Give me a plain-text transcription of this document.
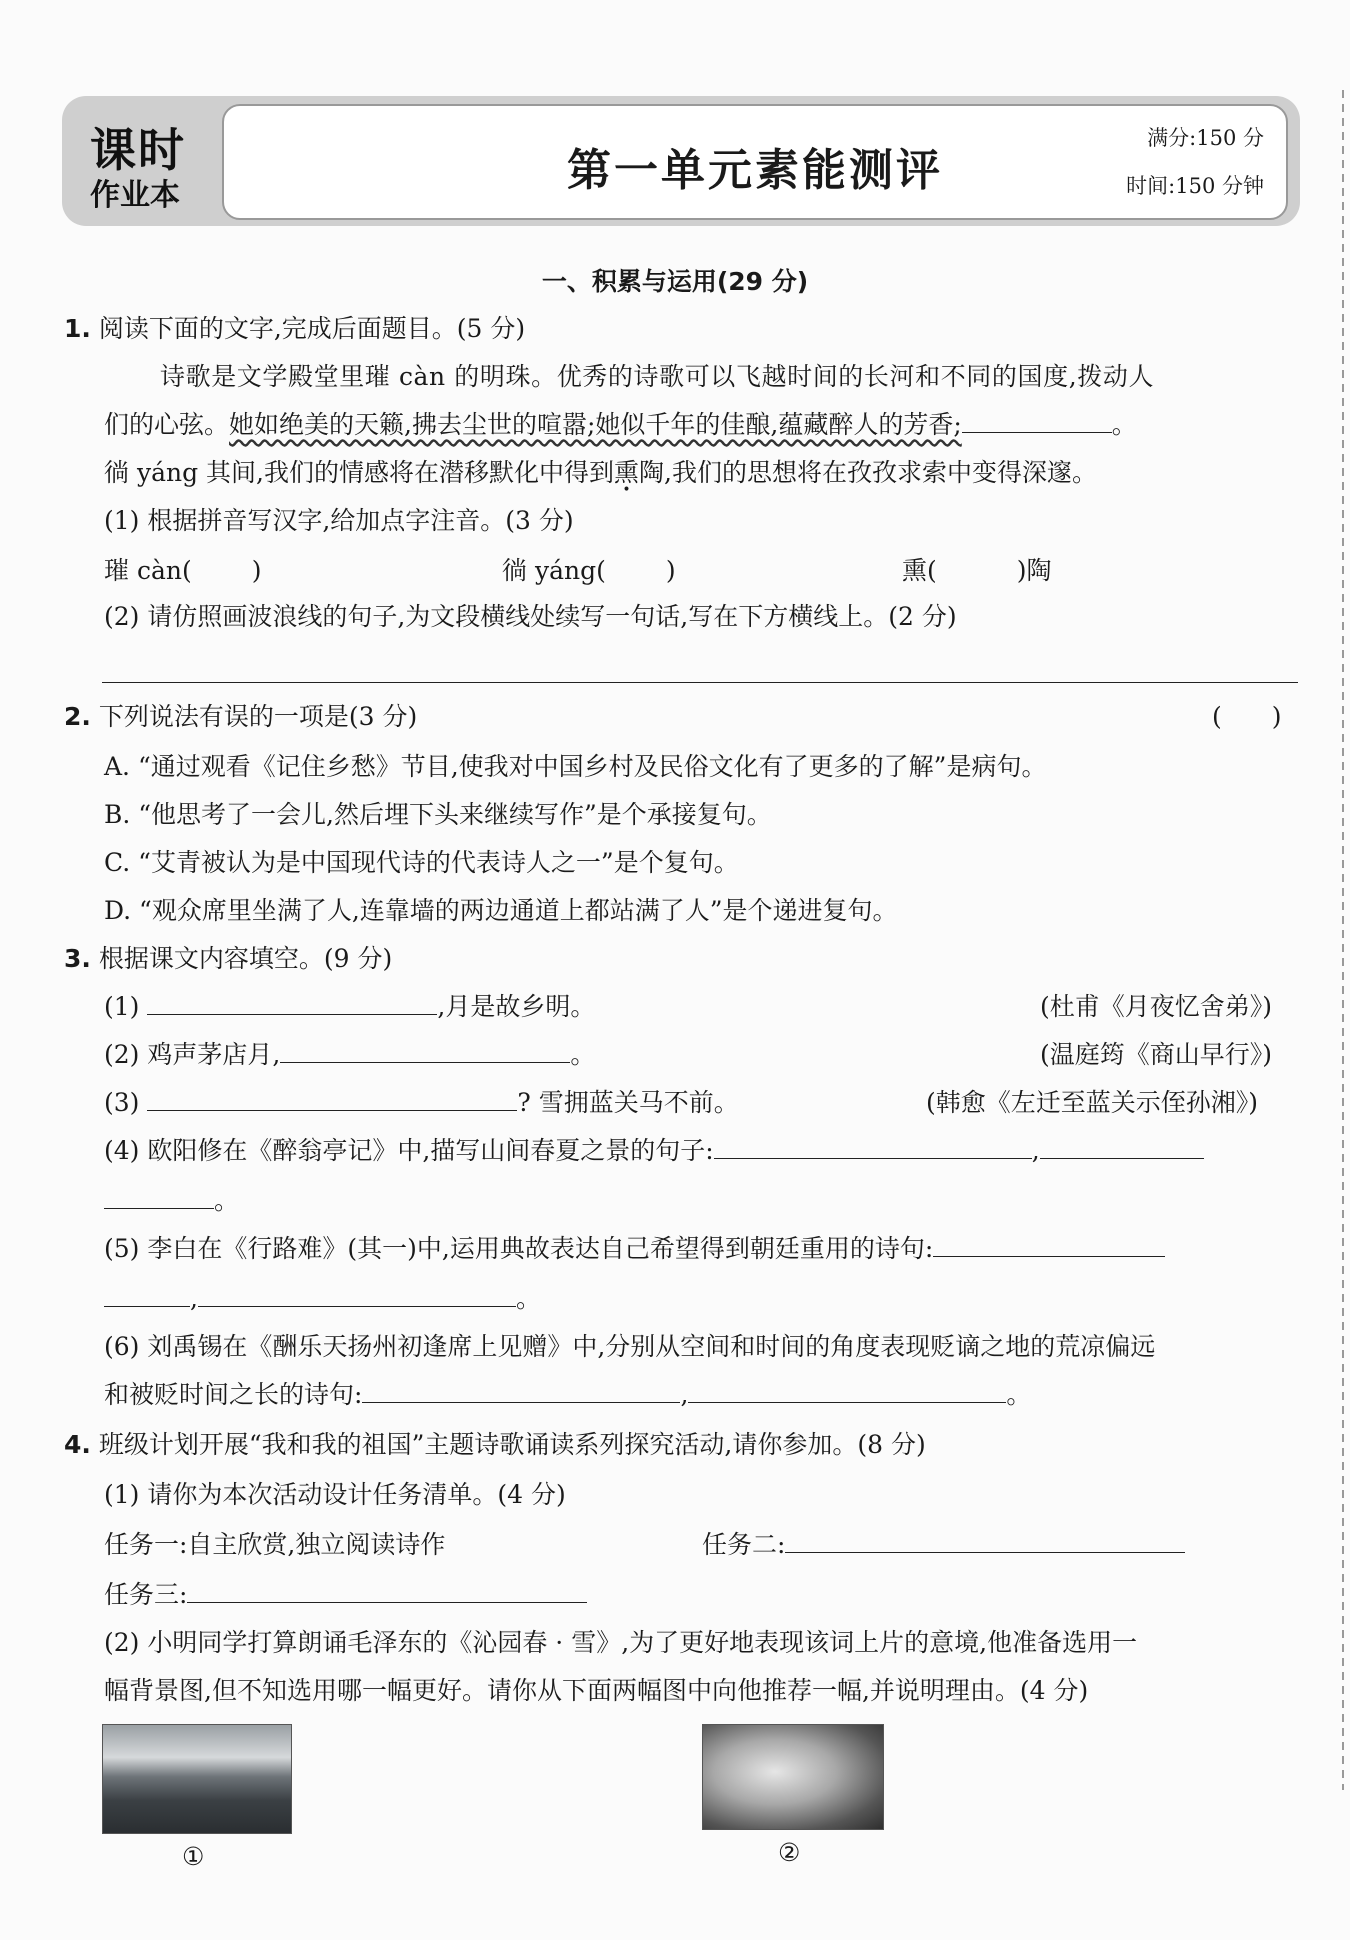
课时
作业本	第一单元素能测评
满分:150 分
时间:150 分钟
一、积累与运用(29 分)
1. 阅读下面的文字,完成后面题目。(5 分)
诗歌是文学殿堂里璀 càn 的明珠。优秀的诗歌可以飞越时间的长河和不同的国度,拨动人
们的心弦。她如绝美的天籁,拂去尘世的喧嚣;她似千年的佳酿,蕴藏醉人的芳香;	。
徜 yáng 其间,我们的情感将在潜移默化中得到熏陶,我们的思想将在孜孜求索中变得深邃。
(1) 根据拼音写汉字,给加点字注音。(3 分)
璀 càn( )	徜 yáng( )	熏(	)陶
(2) 请仿照画波浪线的句子,为文段横线处续写一句话,写在下方横线上。(2 分)
2. 下列说法有误的一项是(3 分)	(　　)
A. “通过观看《记住乡愁》节目,使我对中国乡村及民俗文化有了更多的了解”是病句。
B. “他思考了一会儿,然后埋下头来继续写作”是个承接复句。
C. “艾青被认为是中国现代诗的代表诗人之一”是个复句。
D. “观众席里坐满了人,连靠墙的两边通道上都站满了人”是个递进复句。
3. 根据课文内容填空。(9 分)
(1)	,月是故乡明。	(杜甫《月夜忆舍弟》)
(2) 鸡声茅店月,	。	(温庭筠《商山早行》)
(3)	? 雪拥蓝关马不前。	(韩愈《左迁至蓝关示侄孙湘》)
(4) 欧阳修在《醉翁亭记》中,描写山间春夏之景的句子:	,
。
(5) 李白在《行路难》(其一)中,运用典故表达自己希望得到朝廷重用的诗句:
,	。
(6) 刘禹锡在《酬乐天扬州初逢席上见赠》中,分别从空间和时间的角度表现贬谪之地的荒凉偏远
和被贬时间之长的诗句:	,	。
4. 班级计划开展“我和我的祖国”主题诗歌诵读系列探究活动,请你参加。(8 分)
(1) 请你为本次活动设计任务清单。(4 分)
任务一:自主欣赏,独立阅读诗作	任务二:
任务三:
(2) 小明同学打算朗诵毛泽东的《沁园春 · 雪》,为了更好地表现该词上片的意境,他准备选用一
幅背景图,但不知选用哪一幅更好。请你从下面两幅图中向他推荐一幅,并说明理由。(4 分)
①	②
